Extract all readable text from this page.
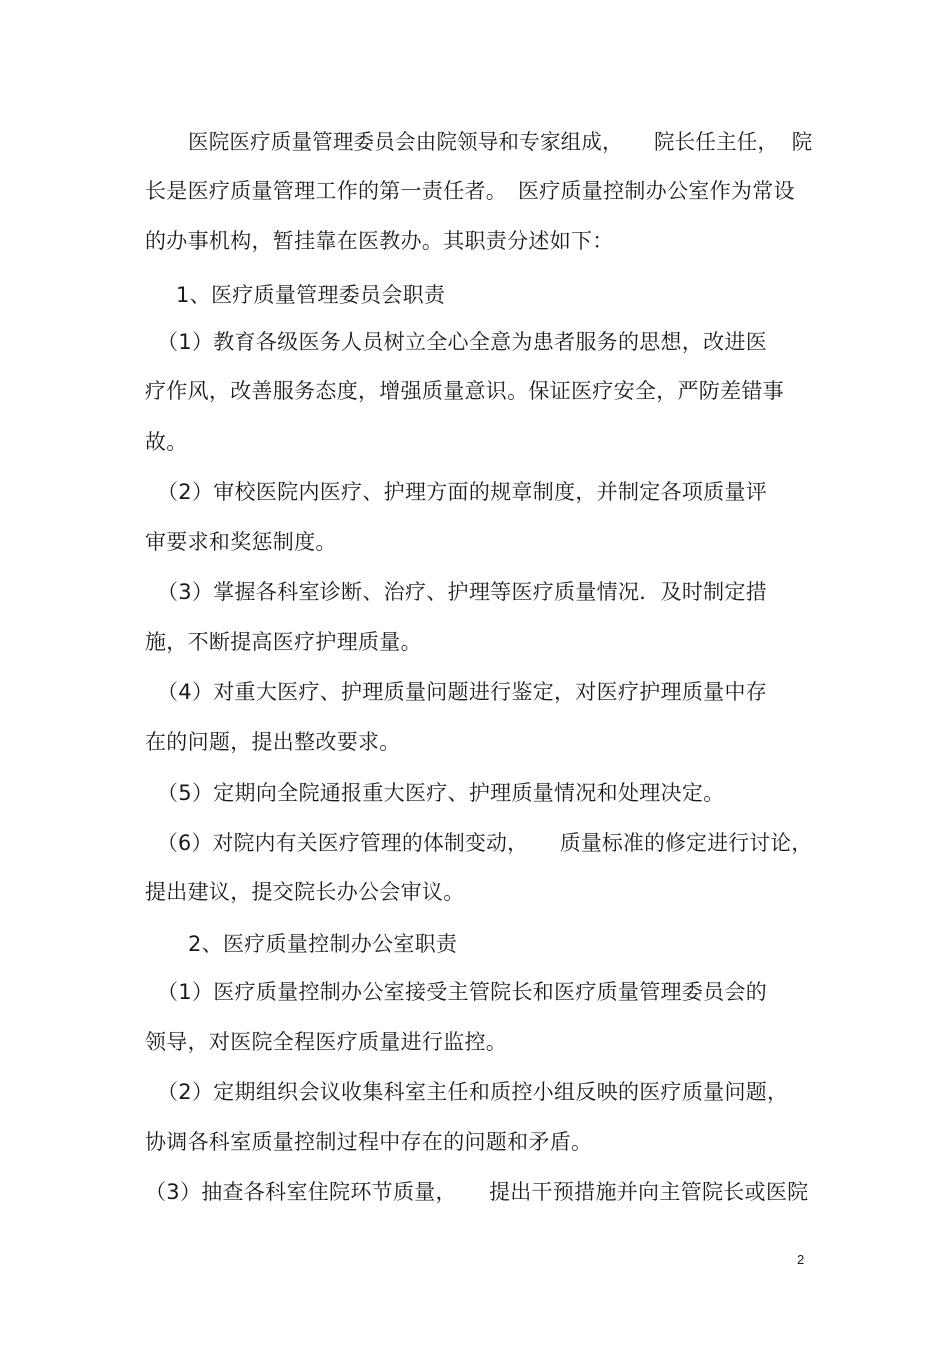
医院医疗质量管理委员会由院领导和专家组成，　　院长任主任，  院
长是医疗质量管理工作的第一责任者。　医疗质量控制办公室作为常设
的办事机构，暂挂靠在医教办。其职责分述如下：
1、医疗质量管理委员会职责
（1）教育各级医务人员树立全心全意为患者服务的思想，改进医
疗作风，改善服务态度，增强质量意识。保证医疗安全，严防差错事
故。
（2）审校医院内医疗、护理方面的规章制度，并制定各项质量评
审要求和奖惩制度。
（3）掌握各科室诊断、治疗、护理等医疗质量情况．及时制定措
施，不断提高医疗护理质量。
（4）对重大医疗、护理质量问题进行鉴定，对医疗护理质量中存
在的问题，提出整改要求。
（5）定期向全院通报重大医疗、护理质量情况和处理决定。
（6）对院内有关医疗管理的体制变动，　　质量标准的修定进行讨论，
提出建议，提交院长办公会审议。
2、医疗质量控制办公室职责
（1）医疗质量控制办公室接受主管院长和医疗质量管理委员会的
领导，对医院全程医疗质量进行监控。
（2）定期组织会议收集科室主任和质控小组反映的医疗质量问题，
协调各科室质量控制过程中存在的问题和矛盾。
（3）抽查各科室住院环节质量，　　提出干预措施并向主管院长或医院
2
